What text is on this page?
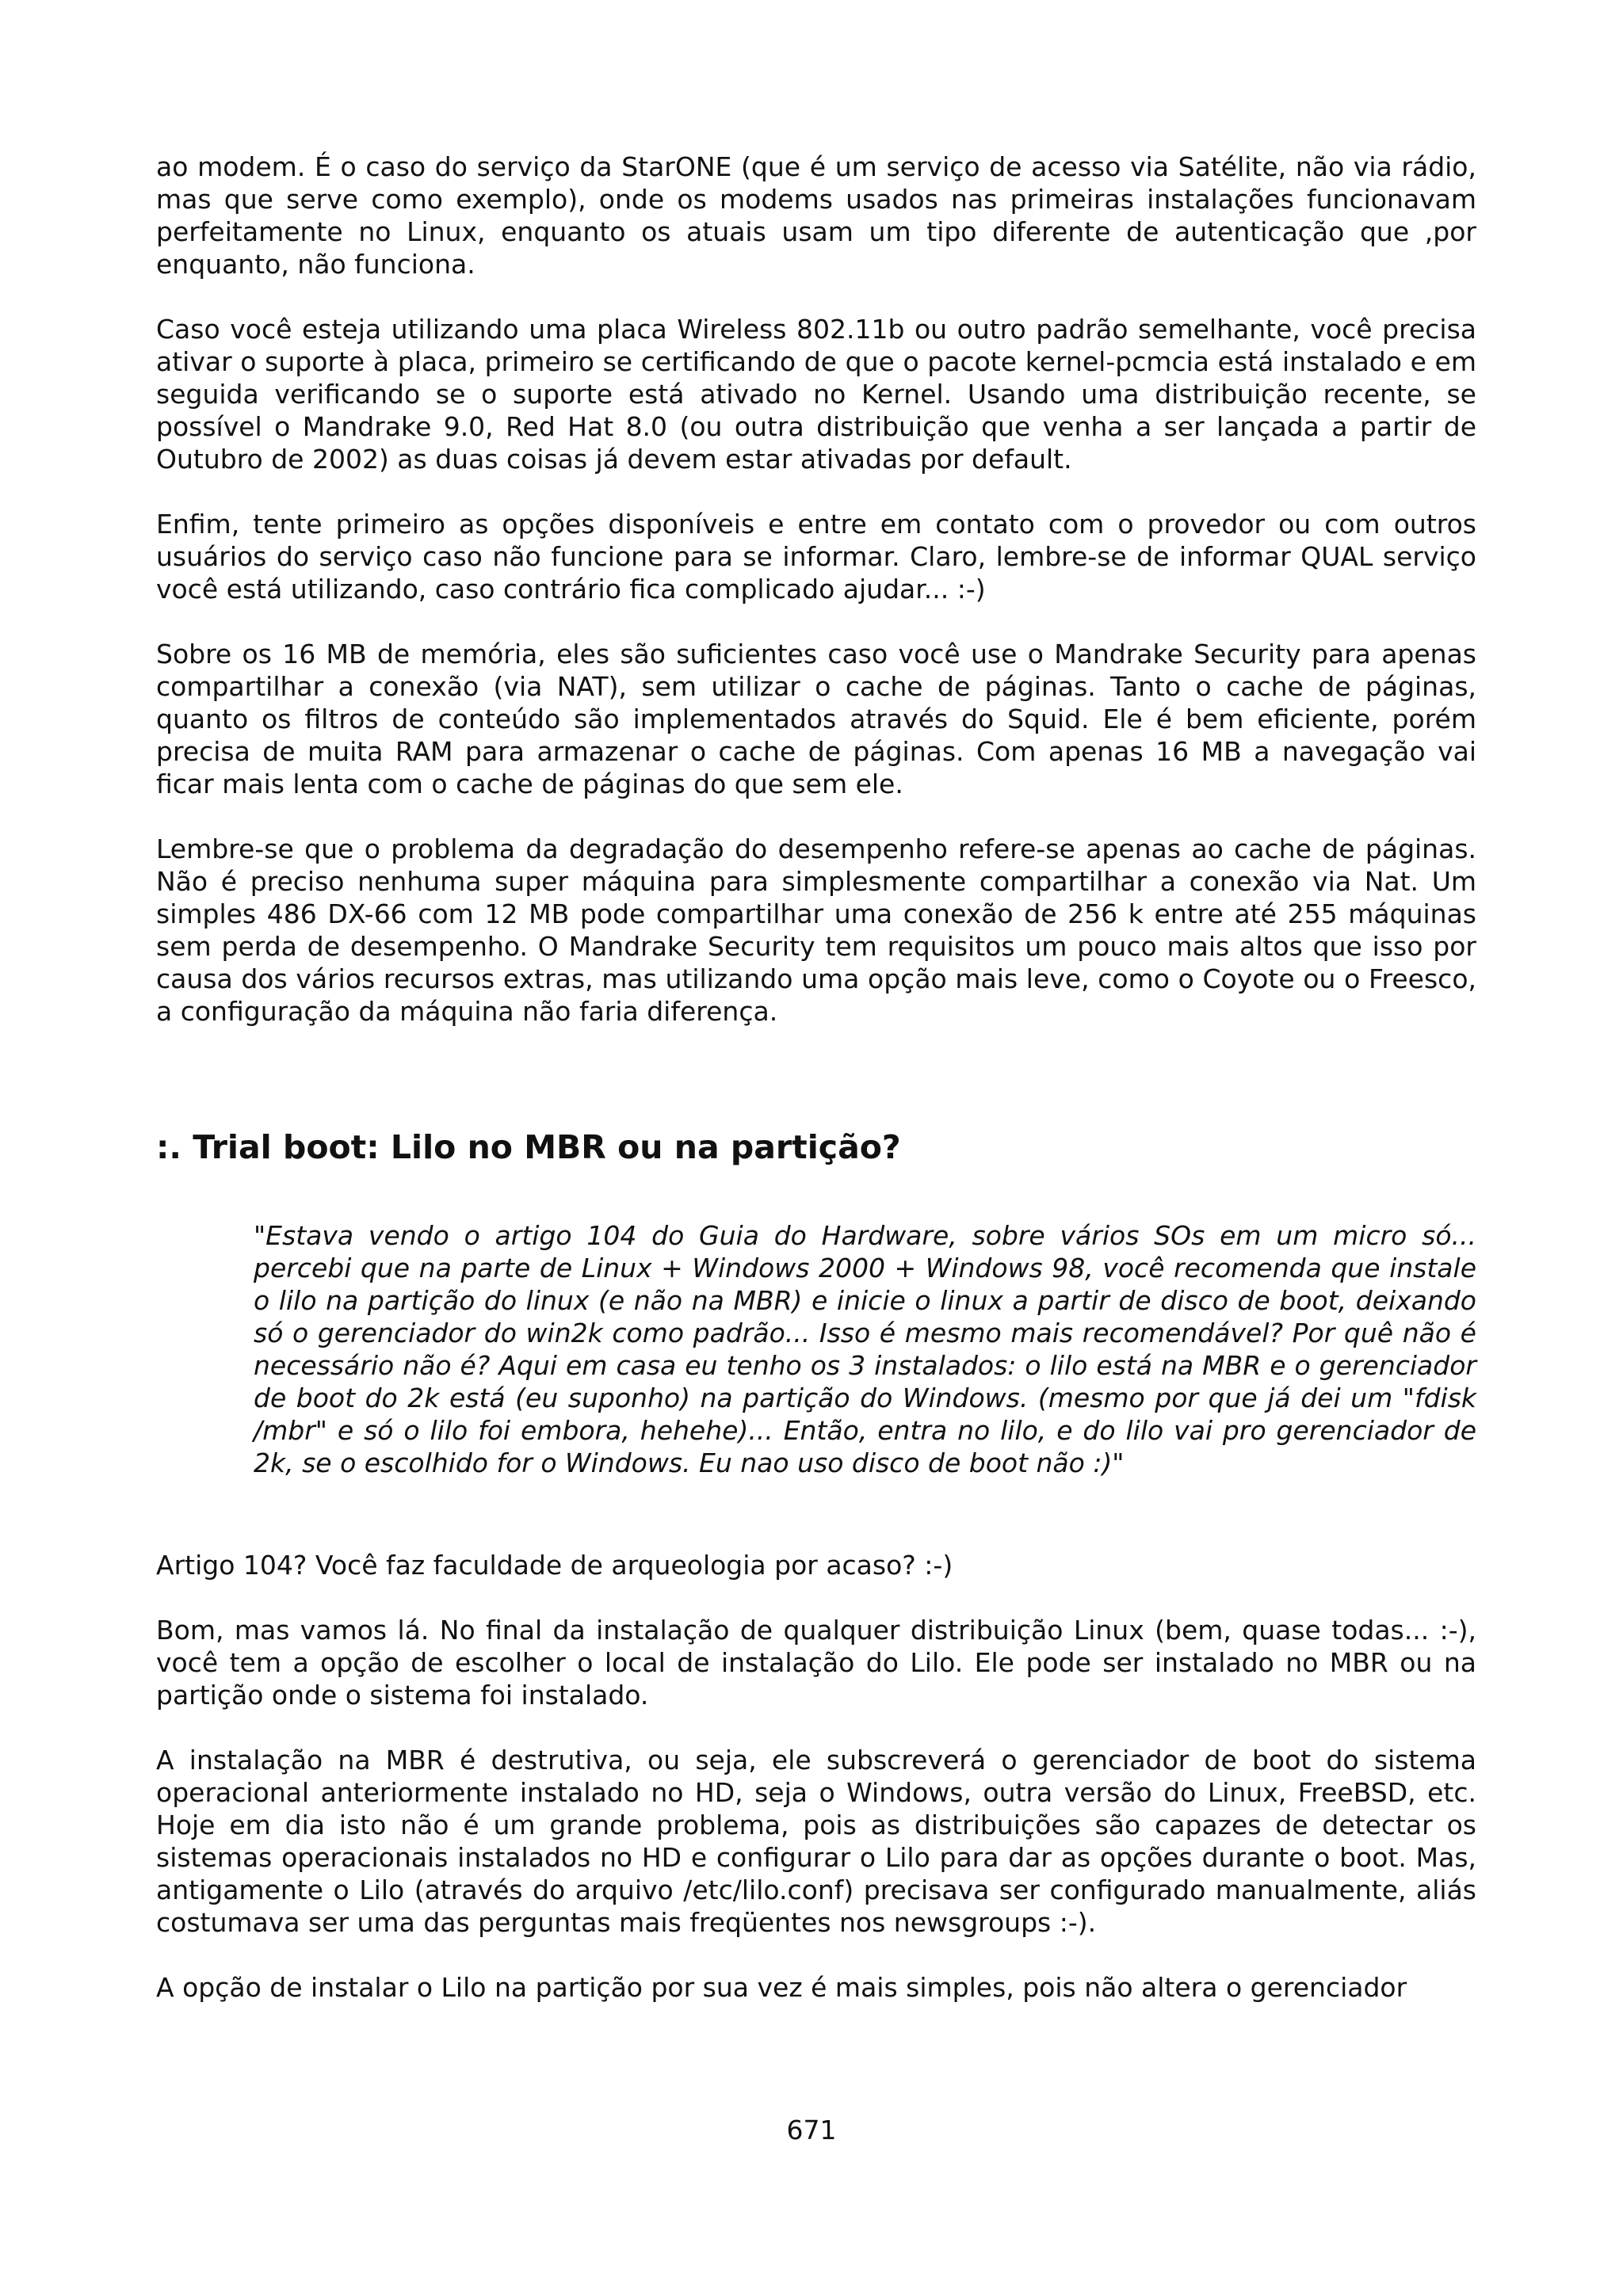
ao modem. É o caso do serviço da StarONE (que é um serviço de acesso via Satélite, não via rádio, mas que serve como exemplo), onde os modems usados nas primeiras instalações funcionavam perfeitamente no Linux, enquanto os atuais usam um tipo diferente de autenticação que ,por enquanto, não funciona.

Caso você esteja utilizando uma placa Wireless 802.11b ou outro padrão semelhante, você precisa ativar o suporte à placa, primeiro se certificando de que o pacote kernel-pcmcia está instalado e em seguida verificando se o suporte está ativado no Kernel. Usando uma distribuição recente, se possível o Mandrake 9.0, Red Hat 8.0 (ou outra distribuição que venha a ser lançada a partir de Outubro de 2002) as duas coisas já devem estar ativadas por default.

Enfim, tente primeiro as opções disponíveis e entre em contato com o provedor ou com outros usuários do serviço caso não funcione para se informar. Claro, lembre-se de informar QUAL serviço você está utilizando, caso contrário fica complicado ajudar... :-)

Sobre os 16 MB de memória, eles são suficientes caso você use o Mandrake Security para apenas compartilhar a conexão (via NAT), sem utilizar o cache de páginas. Tanto o cache de páginas, quanto os filtros de conteúdo são implementados através do Squid. Ele é bem eficiente, porém precisa de muita RAM para armazenar o cache de páginas. Com apenas 16 MB a navegação vai ficar mais lenta com o cache de páginas do que sem ele.

Lembre-se que o problema da degradação do desempenho refere-se apenas ao cache de páginas. Não é preciso nenhuma super máquina para simplesmente compartilhar a conexão via Nat. Um simples 486 DX-66 com 12 MB pode compartilhar uma conexão de 256 k entre até 255 máquinas sem perda de desempenho. O Mandrake Security tem requisitos um pouco mais altos que isso por causa dos vários recursos extras, mas utilizando uma opção mais leve, como o Coyote ou o Freesco, a configuração da máquina não faria diferença.

:. Trial boot: Lilo no MBR ou na partição?
"Estava vendo o artigo 104 do Guia do Hardware, sobre vários SOs em um micro só... percebi que na parte de Linux + Windows 2000 + Windows 98, você recomenda que instale o lilo na partição do linux (e não na MBR) e inicie o linux a partir de disco de boot, deixando só o gerenciador do win2k como padrão... Isso é mesmo mais recomendável? Por quê não é necessário não é? Aqui em casa eu tenho os 3 instalados: o lilo está na MBR e o gerenciador de boot do 2k está (eu suponho) na partição do Windows. (mesmo por que já dei um "fdisk /mbr" e só o lilo foi embora, hehehe)... Então, entra no lilo, e do lilo vai pro gerenciador de 2k, se o escolhido for o Windows. Eu nao uso disco de boot não :)"

Artigo 104? Você faz faculdade de arqueologia por acaso? :-)

Bom, mas vamos lá. No final da instalação de qualquer distribuição Linux (bem, quase todas... :-), você tem a opção de escolher o local de instalação do Lilo. Ele pode ser instalado no MBR ou na partição onde o sistema foi instalado.

A instalação na MBR é destrutiva, ou seja, ele subscreverá o gerenciador de boot do sistema operacional anteriormente instalado no HD, seja o Windows, outra versão do Linux, FreeBSD, etc. Hoje em dia isto não é um grande problema, pois as distribuições são capazes de detectar os sistemas operacionais instalados no HD e configurar o Lilo para dar as opções durante o boot. Mas, antigamente o Lilo (através do arquivo /etc/lilo.conf) precisava ser configurado manualmente, aliás costumava ser uma das perguntas mais freqüentes nos newsgroups :-).

A opção de instalar o Lilo na partição por sua vez é mais simples, pois não altera o gerenciador

671
